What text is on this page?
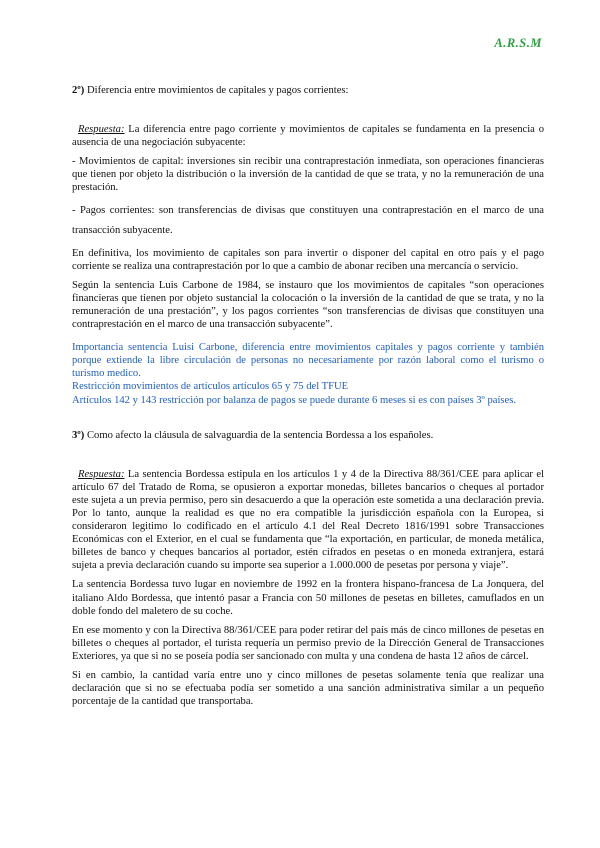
A.R.S.M
2º) Diferencia entre movimientos de capitales y pagos corrientes:

Respuesta: La diferencia entre pago corriente y movimientos de capitales se fundamenta en la presencia o ausencia de una negociación subyacente:

- Movimientos de capital: inversiones sin recibir una contraprestación inmediata, son operaciones financieras que tienen por objeto la distribución o la inversión de la cantidad de que se trata, y no la remuneración de una prestación.

- Pagos corrientes: son transferencias de divisas que constituyen una contraprestación en el marco de una transacción subyacente.

En definitiva, los movimiento de capitales son para invertir o disponer del capital en otro país y el pago corriente se realiza una contraprestación por lo que a cambio de abonar reciben una mercancía o servicio.

Según la sentencia Luis Carbone de 1984, se instauro que los movimientos de capitales “son operaciones financieras que tienen por objeto sustancial la colocación o la inversión de la cantidad de que se trata, y no la remuneración de una prestación”, y los pagos corrientes “son transferencias de divisas que constituyen una contraprestación en el marco de una transacción subyacente”.

Importancia sentencia Luisi Carbone, diferencia entre movimientos capitales y pagos corriente y también porque extiende la libre circulación de personas no necesariamente por razón laboral como el turismo o turismo medico.

Restricción movimientos de artículos artículos 65 y 75 del TFUE

Artículos 142 y 143 restricción por balanza de pagos se puede durante 6 meses si es con países 3º países.

3º) Como afecto la cláusula de salvaguardia de la sentencia Bordessa a los españoles.

Respuesta: La sentencia Bordessa estipula en los artículos 1 y 4 de la Directiva 88/361/CEE para aplicar el artículo 67 del Tratado de Roma, se opusieron a exportar monedas, billetes bancarios o cheques al portador este sujeta a un previa permiso, pero sin desacuerdo a que la operación este sometida a una declaración previa. Por lo tanto, aunque la realidad es que no era compatible la jurisdicción española con la Europea, si consideraron legitimo lo codificado en el artículo 4.1 del Real Decreto 1816/1991 sobre Transacciones Económicas con el Exterior, en el cual se fundamenta que “la exportación, en particular, de moneda metálica, billetes de banco y cheques bancarios al portador, estén cifrados en pesetas o en moneda extranjera, estará sujeta a previa declaración cuando su importe sea superior a 1.000.000 de pesetas por persona y viaje”.

La sentencia Bordessa tuvo lugar en noviembre de 1992 en la frontera hispano-francesa de La Jonquera, del italiano Aldo Bordessa, que intentó pasar a Francia con 50 millones de pesetas en billetes, camuflados en un doble fondo del maletero de su coche.

En ese momento y con la Directiva 88/361/CEE para poder retirar del país más de cinco millones de pesetas en billetes o cheques al portador, el turista requería un permiso previo de la Dirección General de Transacciones Exteriores, ya que si no se poseía podía ser sancionado con multa y una condena de hasta 12 años de cárcel.

Si en cambio, la cantidad varía entre uno y cinco millones de pesetas solamente tenía que realizar una declaración que si no se efectuaba podía ser sometido a una sanción administrativa similar a un pequeño porcentaje de la cantidad que transportaba.
